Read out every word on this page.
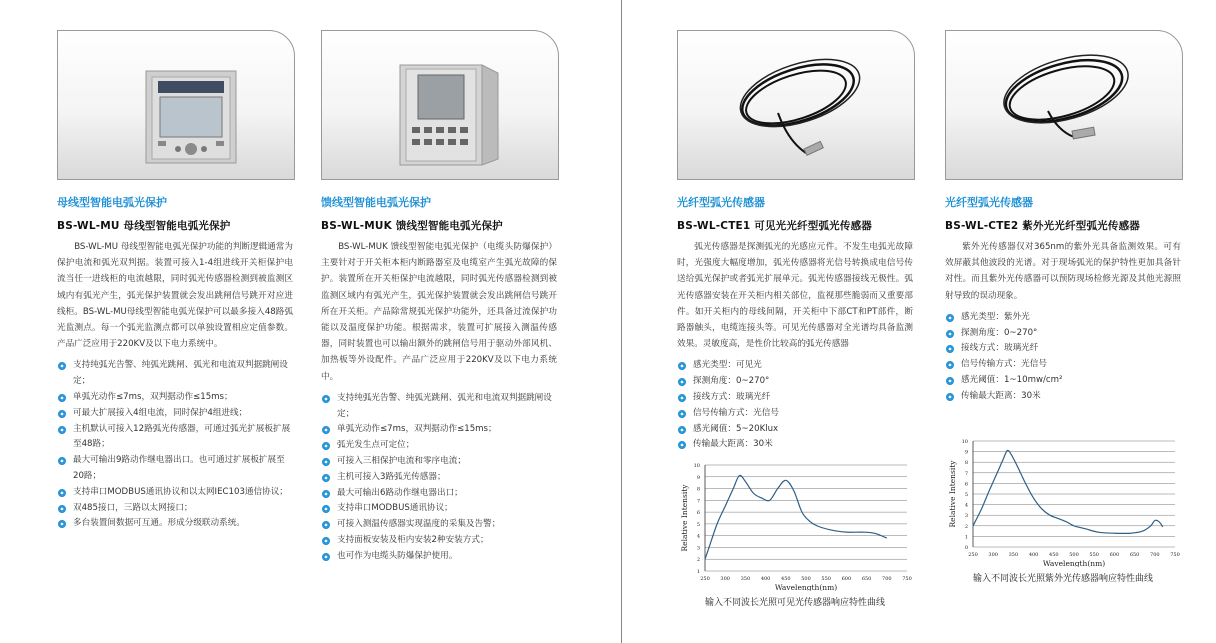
母线型智能电弧光保护
BS-WL-MU 母线型智能电弧光保护
BS-WL-MU 母线型智能电弧光保护功能的判断逻辑通常为保护电流和弧光双判据。装置可接入1-4组进线开关柜保护电流当任一进线柜的电流越限，同时弧光传感器检测到被监测区域内有弧光产生，弧光保护装置就会发出跳闸信号跳开对应进线柜。BS-WL-MU母线型智能电弧光保护可以最多接入48路弧光监测点。每一个弧光监测点都可以单独设置相应定值参数。产品广泛应用于220KV及以下电力系统中。
支持纯弧光告警、纯弧光跳闸、弧光和电流双判据跳闸设定；
单弧光动作≤7ms，双判据动作≤15ms；
可最大扩展接入4组电流，同时保护4组进线；
主机默认可接入12路弧光传感器，可通过弧光扩展板扩展至48路；
最大可输出9路动作继电器出口。也可通过扩展板扩展至20路；
支持串口MODBUS通讯协议和以太网IEC103通信协议；
双485接口，三路以太网接口；
多台装置间数据可互通。形成分级联动系统。
馈线型智能电弧光保护
BS-WL-MUK 馈线型智能电弧光保护
BS-WL-MUK 馈线型智能电弧光保护（电缆头防爆保护）主要针对于开关柜本柜内断路器室及电缆室产生弧光故障的保护。装置所在开关柜保护电流越限，同时弧光传感器检测到被监测区域内有弧光产生，弧光保护装置就会发出跳闸信号跳开所在开关柜。产品除常规弧光保护功能外，还具备过流保护功能以及温度保护功能。根据需求，装置可扩展接入测温传感器，同时装置也可以输出额外的跳闸信号用于驱动外部风机、加热板等外设配件。产品广泛应用于220KV及以下电力系统中。
支持纯弧光告警、纯弧光跳闸、弧光和电流双判据跳闸设定；
单弧光动作≤7ms，双判据动作≤15ms；
弧光发生点可定位；
可接入三相保护电流和零序电流；
主机可接入3路弧光传感器；
最大可输出6路动作继电器出口；
支持串口MODBUS通讯协议；
可接入测温传感器实现温度的采集及告警；
支持面板安装及柜内安装2种安装方式；
也可作为电缆头防爆保护使用。
光纤型弧光传感器
BS-WL-CTE1 可见光光纤型弧光传感器
弧光传感器是探测弧光的光感应元件。不发生电弧光故障时，光强度大幅度增加，弧光传感器将光信号转换成电信号传送给弧光保护或者弧光扩展单元。弧光传感器接线无极性。弧光传感器安装在开关柜内相关部位，监视那些脆弱而又重要部件。如开关柜内的母线间隔，开关柜中下部CT和PT部件，断路器触头，电缆连接头等。可见光传感器对全光谱均具备监测效果。灵敏度高，是性价比较高的弧光传感器
感光类型：可见光
探测角度：0~270°
接线方式：玻璃光纤
信号传输方式：光信号
感光阈值：5~20Klux
传输最大距离：30米
1
2
3
4
5
6
7
8
9
10
250 300 350 400 450 500 550 600 650 700 750
Wavelength(nm)
Relative Intensity
输入不同波长光照可见光传感器响应特性曲线
光纤型弧光传感器
BS-WL-CTE2 紫外光光纤型弧光传感器
紫外光传感器仅对365nm的紫外光具备监测效果。可有效屏蔽其他波段的光谱。对于现场弧光的保护特性更加具备针对性。而且紫外光传感器可以预防现场检修光源及其他光源照射导致的误动现象。
感光类型：紫外光
探测角度：0~270°
接线方式：玻璃光纤
信号传输方式：光信号
感光阈值：1~10mw/cm²
传输最大距离：30米
0
1
2
3
4
5
6
7
8
9
10
250 300 350 400 450 500 550 600 650 700 750
Wavelength(nm)
Relative Intensity
输入不同波长光照紫外光传感器响应特性曲线
